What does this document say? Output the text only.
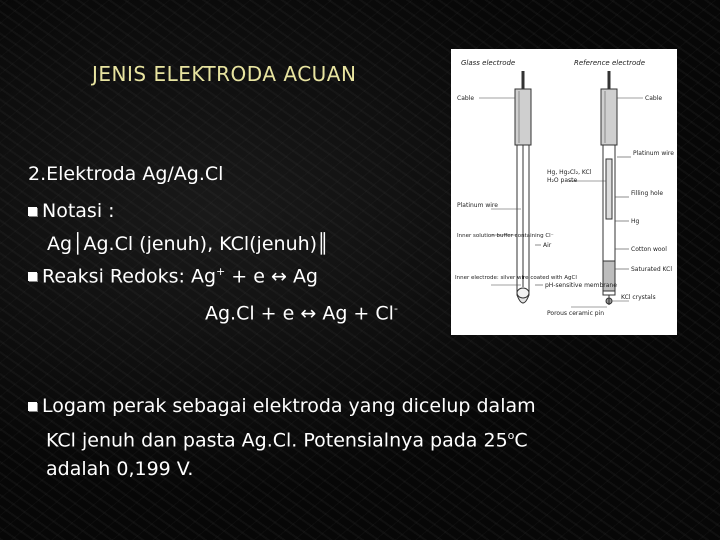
JENIS ELEKTRODA ACUAN
2.Elektroda Ag/Ag.Cl
Notasi :
Ag│Ag.Cl (jenuh), KCl(jenuh)║
Reaksi Redoks: Ag+ + e ↔ Ag
Ag.Cl + e ↔ Ag + Cl-
Logam perak sebagai elektroda yang dicelup dalam
KCl jenuh dan pasta Ag.Cl. Potensialnya pada 25$^o$C
adalah 0,199 V.
Glass electrode	Reference electrode
Cable	Cable
Platinum wire
Hg, Hg₂Cl₂, KCl
H₂O paste
Filling hole
Platinum wire
Hg
Inner solution buffer containing Cl⁻
Air
Cotton wool
Saturated KCl
Inner electrode: silver wire coated with AgCl
pH-sensitive membrane
KCl crystals
Porous ceramic pin
